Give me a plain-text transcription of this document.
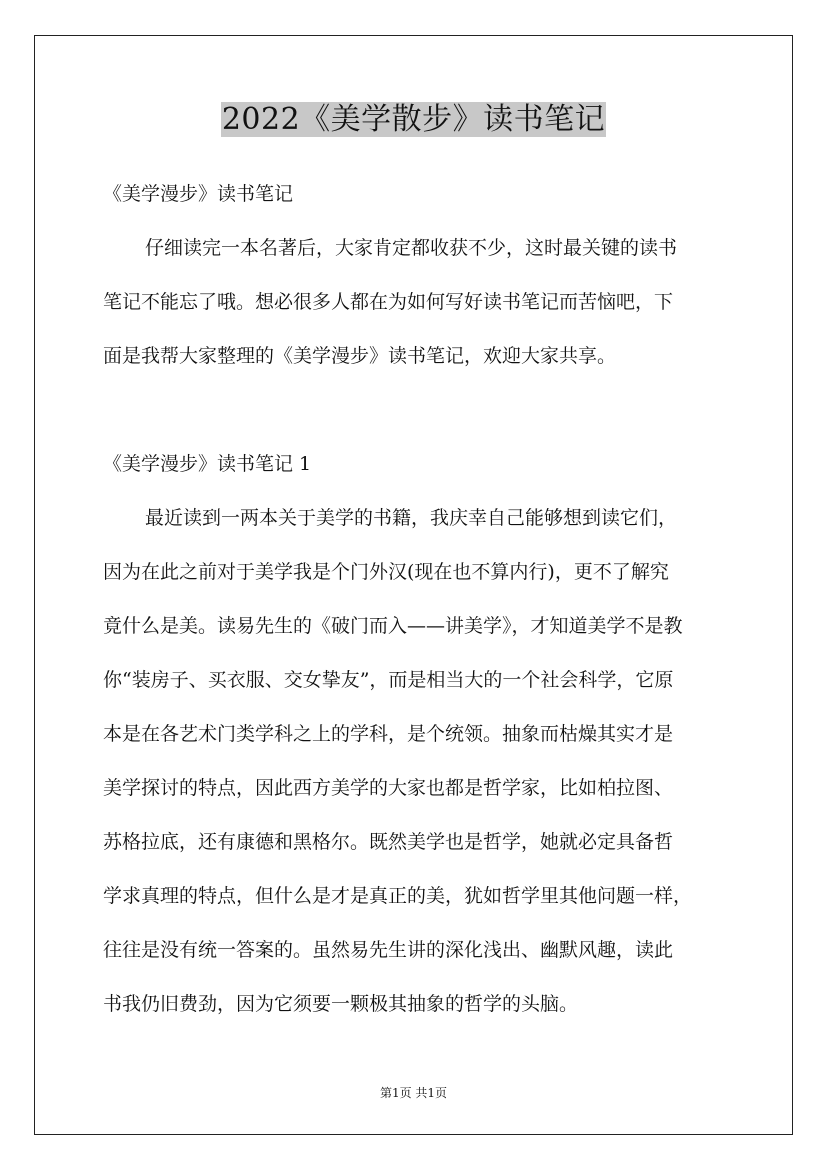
2022《美学散步》读书笔记
《美学漫步》读书笔记
仔细读完一本名著后，大家肯定都收获不少，这时最关键的读书
笔记不能忘了哦。想必很多人都在为如何写好读书笔记而苦恼吧，下
面是我帮大家整理的《美学漫步》读书笔记，欢迎大家共享。
《美学漫步》读书笔记 1
最近读到一两本关于美学的书籍，我庆幸自己能够想到读它们，
因为在此之前对于美学我是个门外汉(现在也不算内行)，更不了解究
竟什么是美。读易先生的《破门而入——讲美学》，才知道美学不是教
你“装房子、买衣服、交女挚友”，而是相当大的一个社会科学，它原
本是在各艺术门类学科之上的学科，是个统领。抽象而枯燥其实才是
美学探讨的特点，因此西方美学的大家也都是哲学家，比如柏拉图、
苏格拉底，还有康德和黑格尔。既然美学也是哲学，她就必定具备哲
学求真理的特点，但什么是才是真正的美，犹如哲学里其他问题一样，
往往是没有统一答案的。虽然易先生讲的深化浅出、幽默风趣，读此
书我仍旧费劲，因为它须要一颗极其抽象的哲学的头脑。
第1页 共1页
